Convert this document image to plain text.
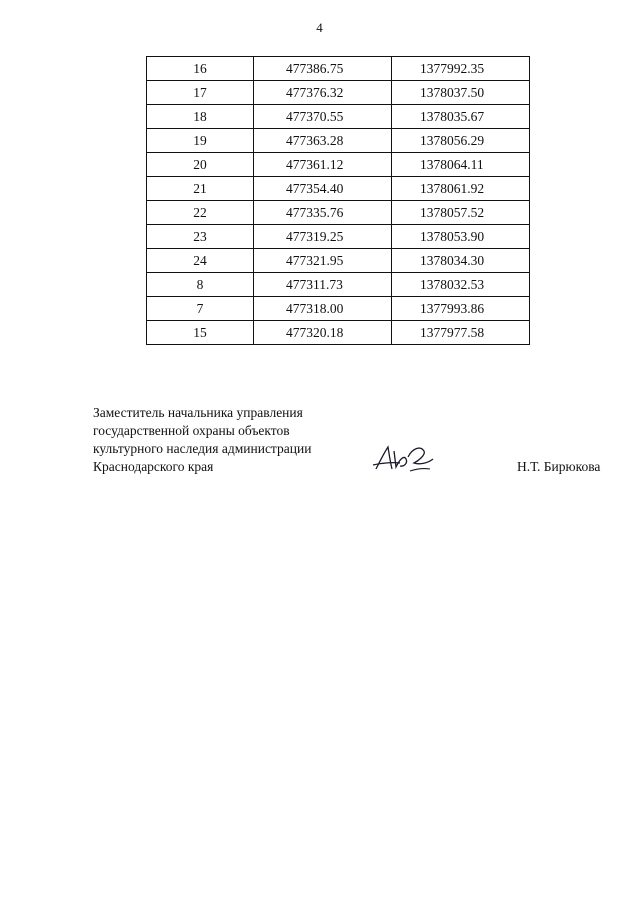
4
16	477386.75	1377992.35
17	477376.32	1378037.50
18	477370.55	1378035.67
19	477363.28	1378056.29
20	477361.12	1378064.11
21	477354.40	1378061.92
22	477335.76	1378057.52
23	477319.25	1378053.90
24	477321.95	1378034.30
8	477311.73	1378032.53
7	477318.00	1377993.86
15	477320.18	1377977.58
Заместитель начальника управления
государственной охраны объектов
культурного наследия администрации
Краснодарского края	Н.Т. Бирюкова
